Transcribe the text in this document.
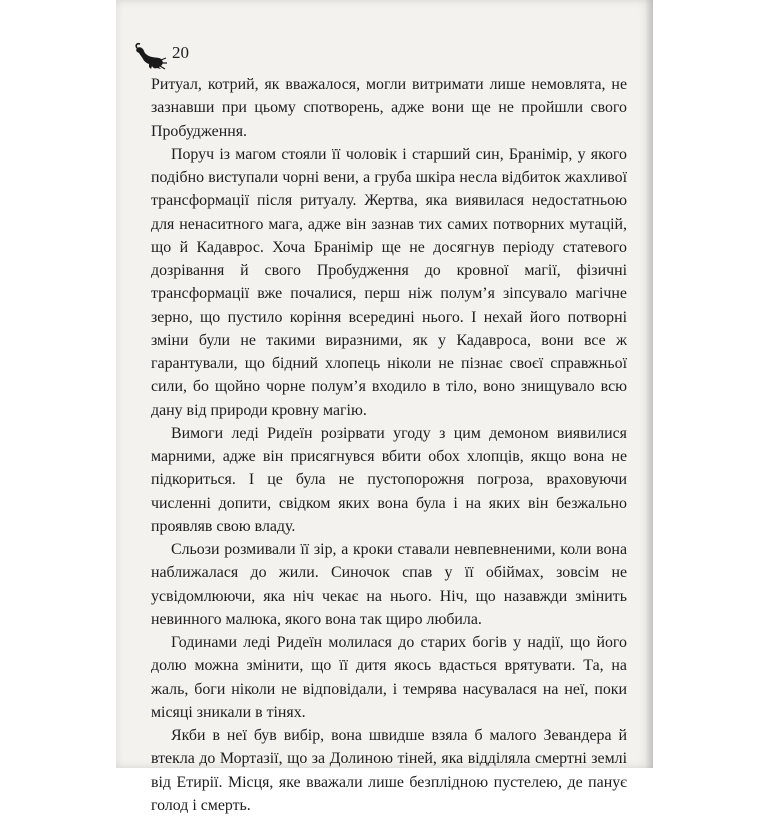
20

Ритуал, котрий, як вважалося, могли витримати лише немовлята, не зазнавши при цьому спотворень, адже вони ще не пройшли свого Пробудження.

Поруч із магом стояли її чоловік і старший син, Бранімір, у якого подібно виступали чорні вени, а груба шкіра несла відбиток жахливої трансформації після ритуалу. Жертва, яка виявилася недостатньою для ненаситного мага, адже він зазнав тих самих потворних мутацій, що й Кадаврос. Хоча Бранімір ще не досягнув періоду статевого дозрівання й свого Пробудження до кровної магії, фізичні трансформації вже почалися, перш ніж полум’я зіпсувало магічне зерно, що пустило коріння всередині нього. І нехай його потворні зміни були не такими виразними, як у Кадавроса, вони все ж гарантували, що бідний хлопець ніколи не пізнає своєї справжньої сили, бо щойно чорне полум’я входило в тіло, воно знищувало всю дану від природи кровну магію.

Вимоги леді Ридеїн розірвати угоду з цим демоном виявилися марними, адже він присягнувся вбити обох хлопців, якщо вона не підкориться. І це була не пустопорожня погроза, враховуючи численні допити, свідком яких вона була і на яких він безжально проявляв свою владу.

Сльози розмивали її зір, а кроки ставали невпевненими, коли вона наближалася до жили. Синочок спав у її обіймах, зовсім не усвідомлюючи, яка ніч чекає на нього. Ніч, що назавжди змінить невинного малюка, якого вона так щиро любила.

Годинами леді Ридеїн молилася до старих богів у надії, що його долю можна змінити, що її дитя якось вдасться врятувати. Та, на жаль, боги ніколи не відповідали, і темрява насувалася на неї, поки місяці зникали в тінях.

Якби в неї був вибір, вона швидше взяла б малого Зевандера й втекла до Мортазії, що за Долиною тіней, яка відділяла смертні землі від Етирії. Місця, яке вважали лише безплідною пустелею, де панує голод і смерть.
